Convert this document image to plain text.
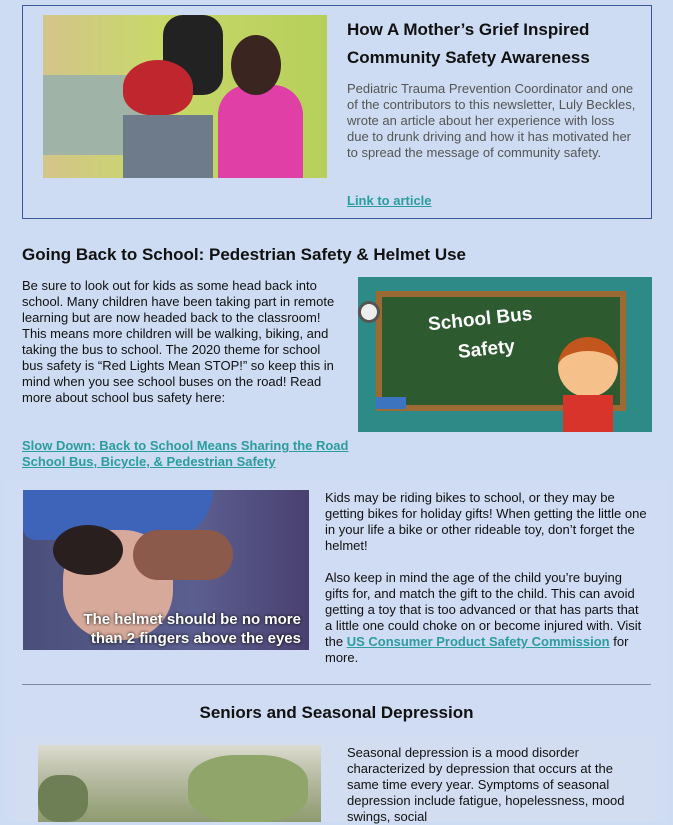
How A Mother’s Grief Inspired Community Safety Awareness

Pediatric Trauma Prevention Coordinator and one of the contributors to this newsletter, Luly Beckles, wrote an article about her experience with loss due to drunk driving and how it has motivated her to spread the message of community safety.

Link to article
Going Back to School: Pedestrian Safety & Helmet Use

Be sure to look out for kids as some head back into school. Many children have been taking part in remote learning but are now headed back to the classroom! This means more children will be walking, biking, and taking the bus to school. The 2020 theme for school bus safety is “Red Lights Mean STOP!” so keep this in mind when you see school buses on the road! Read more about school bus safety here:

School Bus
Safety
Slow Down: Back to School Means Sharing the Road
School Bus, Bicycle, & Pedestrian Safety
The helmet should be no more
than 2 fingers above the eyes

Kids may be riding bikes to school, or they may be getting bikes for holiday gifts! When getting the little one in your life a bike or other rideable toy, don’t forget the helmet!

Also keep in mind the age of the child you’re buying gifts for, and match the gift to the child. This can avoid getting a toy that is too advanced or that has parts that a little one could choke on or become injured with. Visit the US Consumer Product Safety Commission for more.

Seniors and Seasonal Depression

Seasonal depression is a mood disorder characterized by depression that occurs at the same time every year. Symptoms of seasonal depression include fatigue, hopelessness, mood swings, social
